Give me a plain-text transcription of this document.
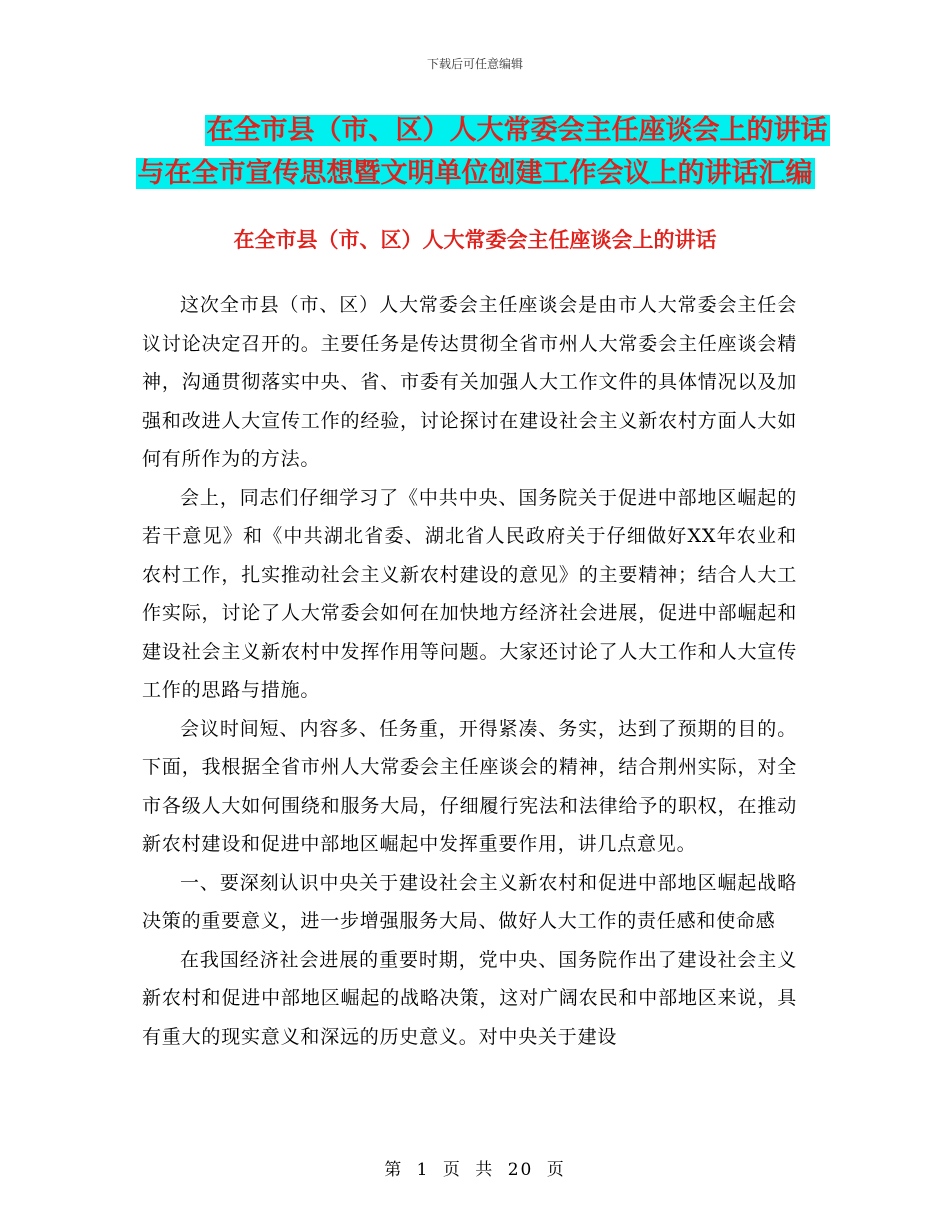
下载后可任意编辑
在全市县（市、区）人大常委会主任座谈会上的讲话
与在全市宣传思想暨文明单位创建工作会议上的讲话汇编
在全市县（市、区）人大常委会主任座谈会上的讲话

这次全市县（市、区）人大常委会主任座谈会是由市人大常委会主任会议讨论决定召开的。主要任务是传达贯彻全省市州人大常委会主任座谈会精神，沟通贯彻落实中央、省、市委有关加强人大工作文件的具体情况以及加强和改进人大宣传工作的经验，讨论探讨在建设社会主义新农村方面人大如何有所作为的方法。

会上，同志们仔细学习了《中共中央、国务院关于促进中部地区崛起的若干意见》和《中共湖北省委、湖北省人民政府关于仔细做好XX年农业和农村工作，扎实推动社会主义新农村建设的意见》的主要精神；结合人大工作实际，讨论了人大常委会如何在加快地方经济社会进展，促进中部崛起和建设社会主义新农村中发挥作用等问题。大家还讨论了人大工作和人大宣传工作的思路与措施。

会议时间短、内容多、任务重，开得紧凑、务实，达到了预期的目的。下面，我根据全省市州人大常委会主任座谈会的精神，结合荆州实际，对全市各级人大如何围绕和服务大局，仔细履行宪法和法律给予的职权，在推动新农村建设和促进中部地区崛起中发挥重要作用，讲几点意见。

一、要深刻认识中央关于建设社会主义新农村和促进中部地区崛起战略决策的重要意义，进一步增强服务大局、做好人大工作的责任感和使命感

在我国经济社会进展的重要时期，党中央、国务院作出了建设社会主义新农村和促进中部地区崛起的战略决策，这对广阔农民和中部地区来说，具有重大的现实意义和深远的历史意义。对中央关于建设

第 1 页 共 20 页
